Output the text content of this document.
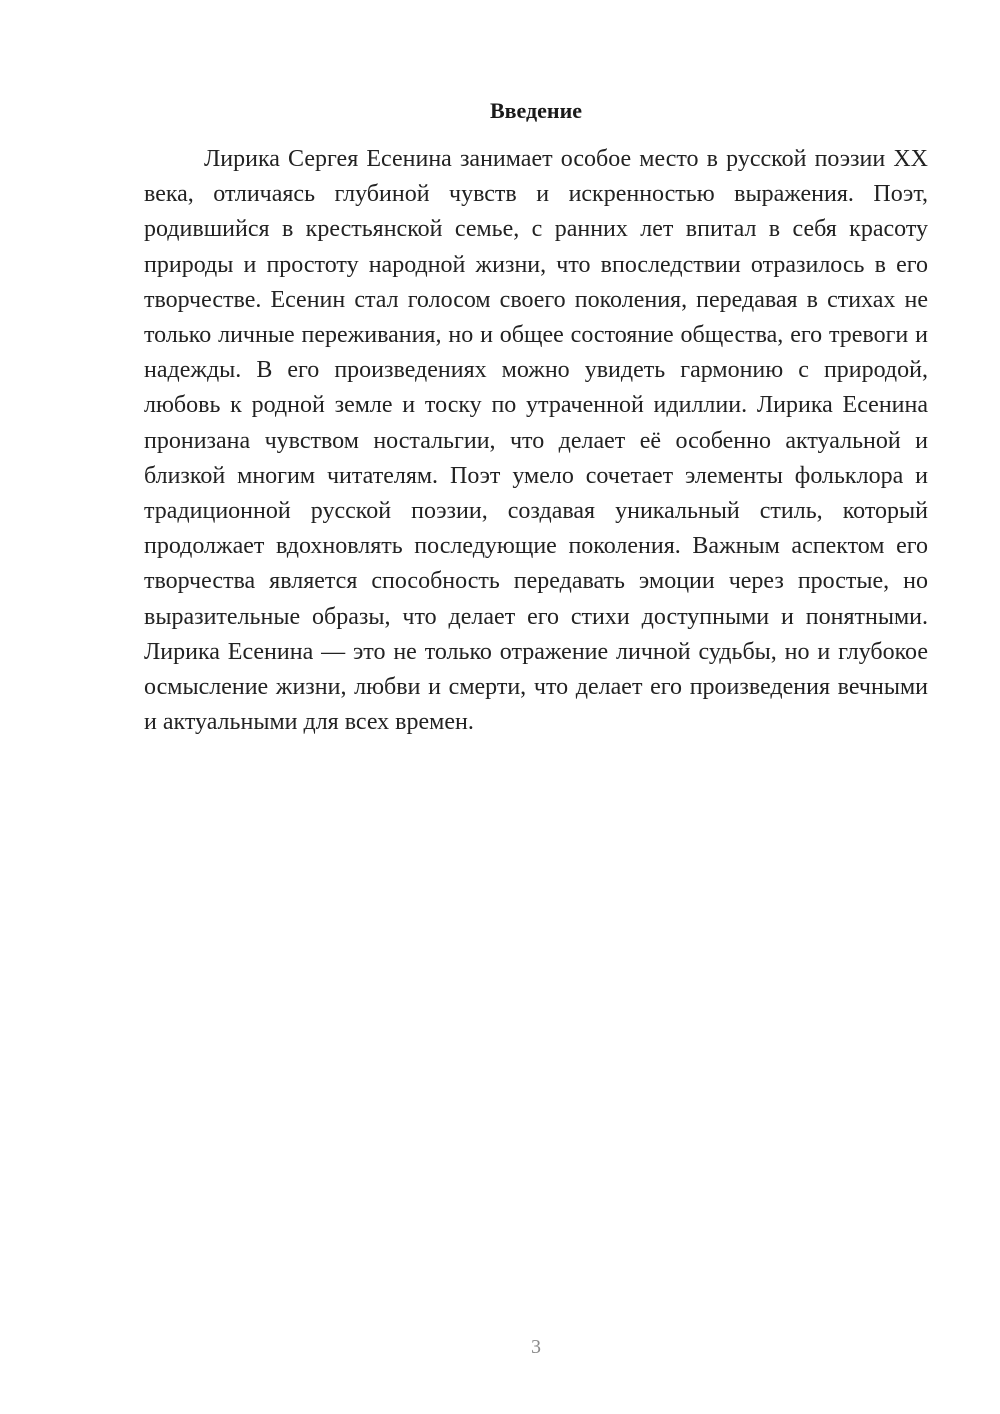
Введение

Лирика Сергея Есенина занимает особое место в русской поэзии XX века, отличаясь глубиной чувств и искренностью выражения. Поэт, родившийся в крестьянской семье, с ранних лет впитал в себя красоту природы и простоту народной жизни, что впоследствии отразилось в его творчестве. Есенин стал голосом своего поколения, передавая в стихах не только личные переживания, но и общее состояние общества, его тревоги и надежды. В его произведениях можно увидеть гармонию с природой, любовь к родной земле и тоску по утраченной идиллии. Лирика Есенина пронизана чувством ностальгии, что делает её особенно актуальной и близкой многим читателям. Поэт умело сочетает элементы фольклора и традиционной русской поэзии, создавая уникальный стиль, который продолжает вдохновлять последующие поколения. Важным аспектом его творчества является способность передавать эмоции через простые, но выразительные образы, что делает его стихи доступными и понятными. Лирика Есенина — это не только отражение личной судьбы, но и глубокое осмысление жизни, любви и смерти, что делает его произведения вечными и актуальными для всех времен.

3
